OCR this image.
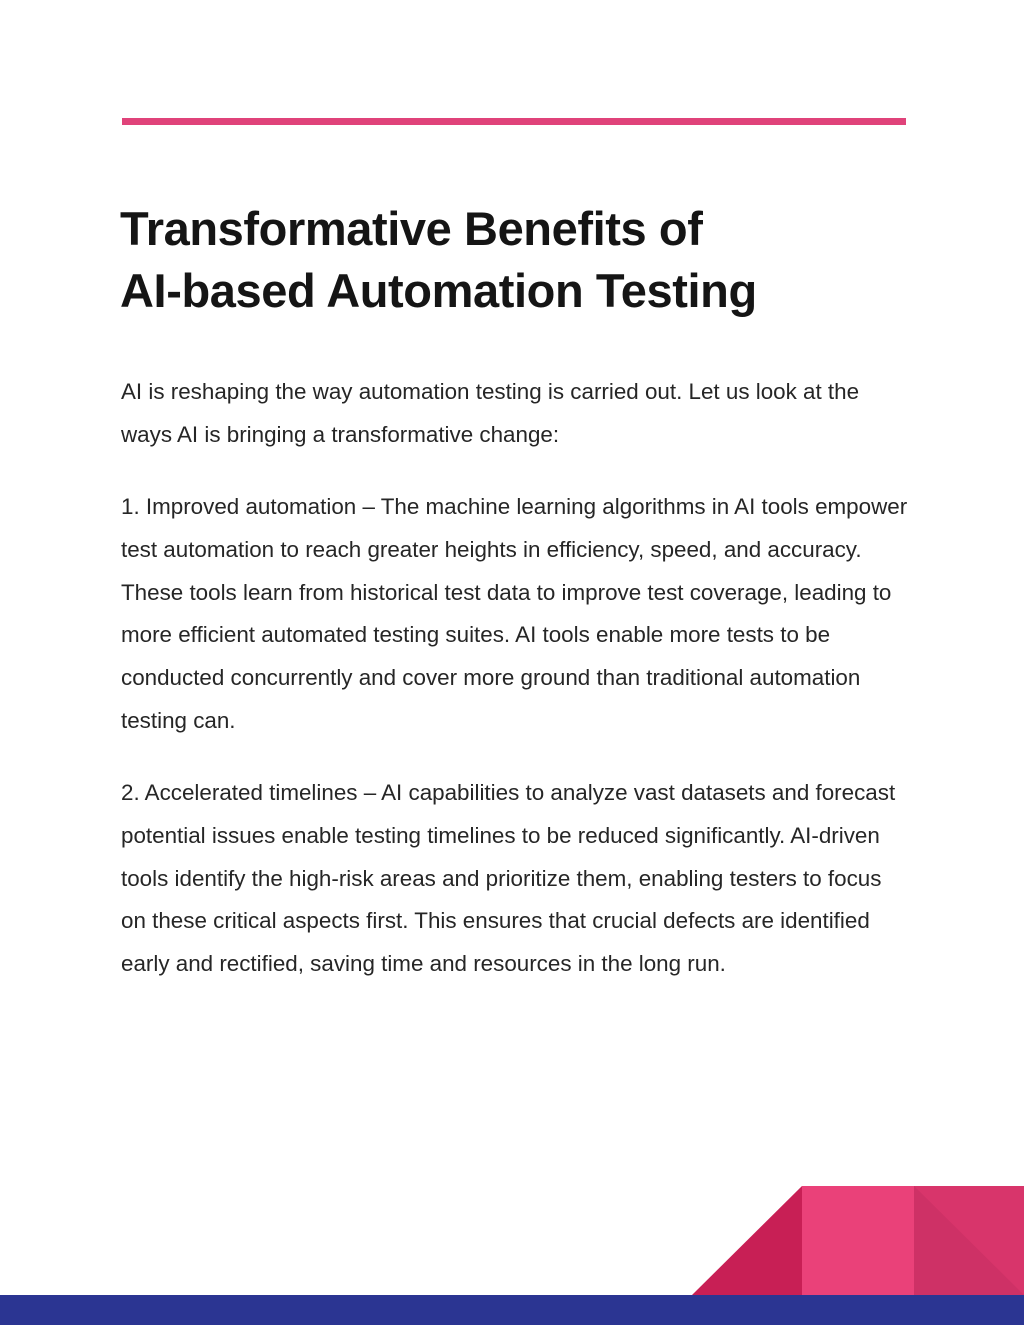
Transformative Benefits of
AI-based Automation Testing

AI is reshaping the way automation testing is carried out. Let us look at the ways AI is bringing a transformative change:

1. Improved automation – The machine learning algorithms in AI tools empower test automation to reach greater heights in efficiency, speed, and accuracy. These tools learn from historical test data to improve test coverage, leading to more efficient automated testing suites. AI tools enable more tests to be conducted concurrently and cover more ground than traditional automation testing can.

2. Accelerated timelines – AI capabilities to analyze vast datasets and forecast potential issues enable testing timelines to be reduced significantly. AI-driven tools identify the high-risk areas and prioritize them, enabling testers to focus on these critical aspects first. This ensures that crucial defects are identified early and rectified, saving time and resources in the long run.
